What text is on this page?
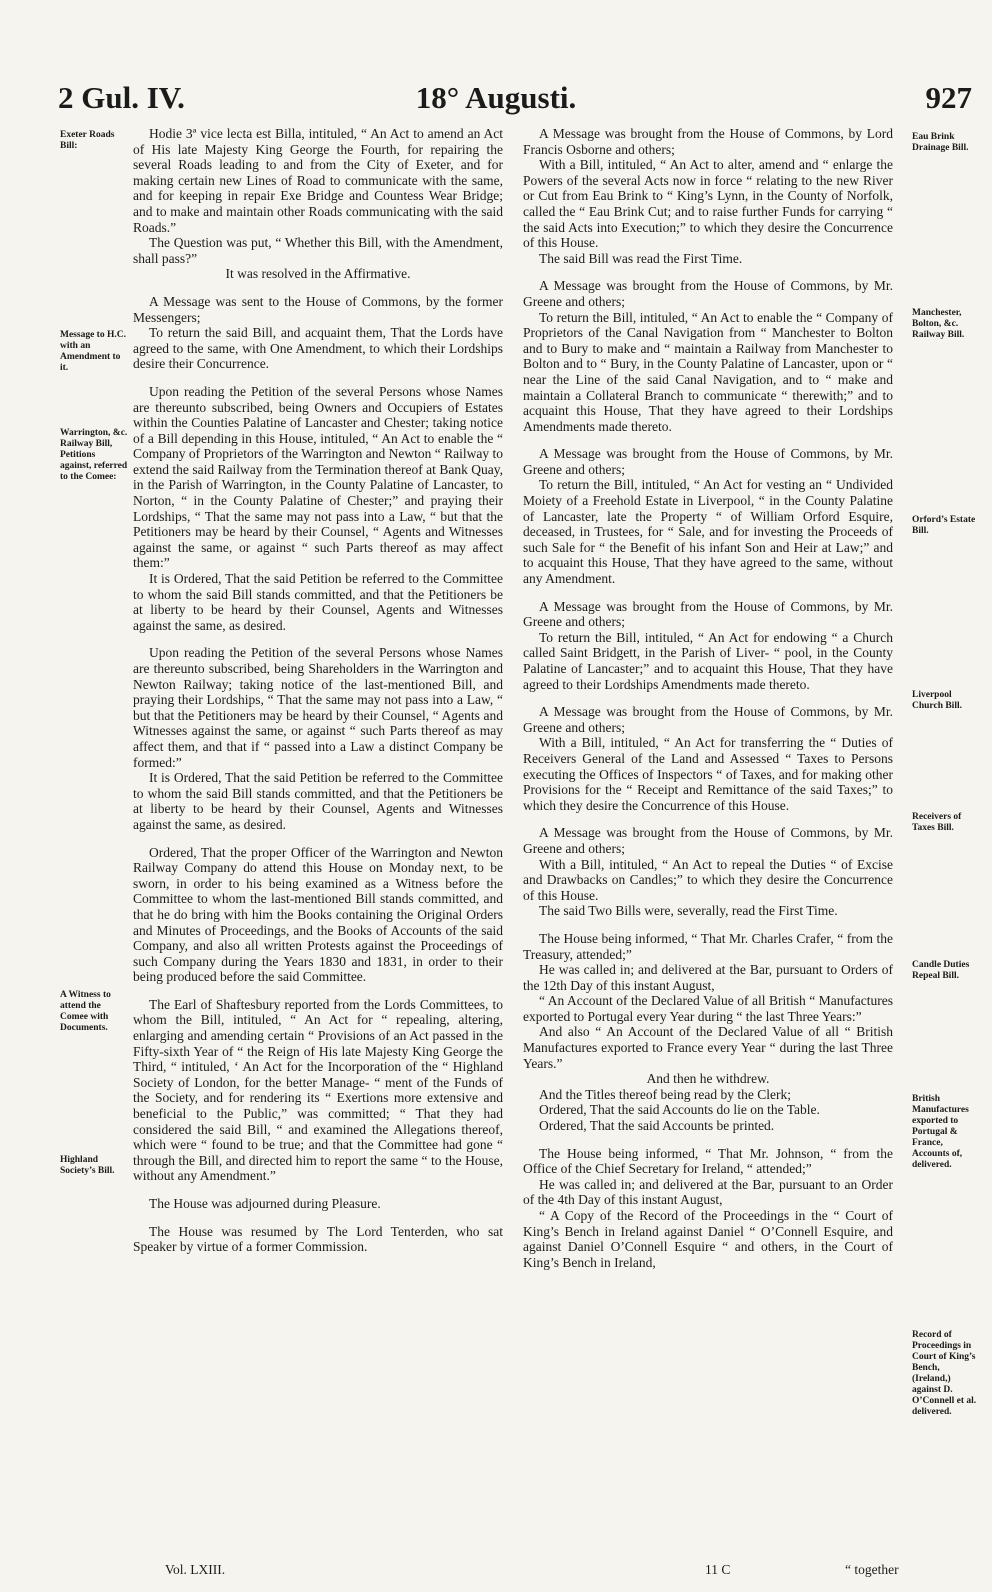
2 Gul. IV.	18° Augusti.	927
Exeter Roads Bill:
Message to H.C. with an Amendment to it.
Warrington, &c. Railway Bill, Petitions against, referred to the Comee:
A Witness to attend the Comee with Documents.
Highland Society’s Bill.
Eau Brink Drainage Bill.
Manchester, Bolton, &c. Railway Bill.
Orford’s Estate Bill.
Liverpool Church Bill.
Receivers of Taxes Bill.
Candle Duties Repeal Bill.
British Manufactures exported to Portugal & France, Accounts of, delivered.
Record of Proceedings in Court of King’s Bench, (Ireland,) against D. O’Connell et al. delivered.

Hodie 3ª vice lecta est Billa, intituled, “ An Act to amend an Act of His late Majesty King George the Fourth, for repairing the several Roads leading to and from the City of Exeter, and for making certain new Lines of Road to communicate with the same, and for keeping in repair Exe Bridge and Countess Wear Bridge; and to make and maintain other Roads communicating with the said Roads.”

The Question was put, “ Whether this Bill, with the Amendment, shall pass?”

It was resolved in the Affirmative.

A Message was sent to the House of Commons, by the former Messengers;

To return the said Bill, and acquaint them, That the Lords have agreed to the same, with One Amendment, to which their Lordships desire their Concurrence.

Upon reading the Petition of the several Persons whose Names are thereunto subscribed, being Owners and Occupiers of Estates within the Counties Palatine of Lancaster and Chester; taking notice of a Bill depending in this House, intituled, “ An Act to enable the “ Company of Proprietors of the Warrington and Newton “ Railway to extend the said Railway from the Termination thereof at Bank Quay, in the Parish of Warrington, in the County Palatine of Lancaster, to Norton, “ in the County Palatine of Chester;” and praying their Lordships, “ That the same may not pass into a Law, “ but that the Petitioners may be heard by their Counsel, “ Agents and Witnesses against the same, or against “ such Parts thereof as may affect them:”

It is Ordered, That the said Petition be referred to the Committee to whom the said Bill stands committed, and that the Petitioners be at liberty to be heard by their Counsel, Agents and Witnesses against the same, as desired.

Upon reading the Petition of the several Persons whose Names are thereunto subscribed, being Shareholders in the Warrington and Newton Railway; taking notice of the last-mentioned Bill, and praying their Lordships, “ That the same may not pass into a Law, “ but that the Petitioners may be heard by their Counsel, “ Agents and Witnesses against the same, or against “ such Parts thereof as may affect them, and that if “ passed into a Law a distinct Company be formed:”

It is Ordered, That the said Petition be referred to the Committee to whom the said Bill stands committed, and that the Petitioners be at liberty to be heard by their Counsel, Agents and Witnesses against the same, as desired.

Ordered, That the proper Officer of the Warrington and Newton Railway Company do attend this House on Monday next, to be sworn, in order to his being examined as a Witness before the Committee to whom the last-mentioned Bill stands committed, and that he do bring with him the Books containing the Original Orders and Minutes of Proceedings, and the Books of Accounts of the said Company, and also all written Protests against the Proceedings of such Company during the Years 1830 and 1831, in order to their being produced before the said Committee.

The Earl of Shaftesbury reported from the Lords Committees, to whom the Bill, intituled, “ An Act for “ repealing, altering, enlarging and amending certain “ Provisions of an Act passed in the Fifty-sixth Year of “ the Reign of His late Majesty King George the Third, “ intituled, ‘ An Act for the Incorporation of the “ Highland Society of London, for the better Manage- “ ment of the Funds of the Society, and for rendering its “ Exertions more extensive and beneficial to the Public,” was committed; “ That they had considered the said Bill, “ and examined the Allegations thereof, which were “ found to be true; and that the Committee had gone “ through the Bill, and directed him to report the same “ to the House, without any Amendment.”

The House was adjourned during Pleasure.

The House was resumed by The Lord Tenterden, who sat Speaker by virtue of a former Commission.

A Message was brought from the House of Commons, by Lord Francis Osborne and others;

With a Bill, intituled, “ An Act to alter, amend and “ enlarge the Powers of the several Acts now in force “ relating to the new River or Cut from Eau Brink to “ King’s Lynn, in the County of Norfolk, called the “ Eau Brink Cut; and to raise further Funds for carrying “ the said Acts into Execution;” to which they desire the Concurrence of this House.

The said Bill was read the First Time.

A Message was brought from the House of Commons, by Mr. Greene and others;

To return the Bill, intituled, “ An Act to enable the “ Company of Proprietors of the Canal Navigation from “ Manchester to Bolton and to Bury to make and “ maintain a Railway from Manchester to Bolton and to “ Bury, in the County Palatine of Lancaster, upon or “ near the Line of the said Canal Navigation, and to “ make and maintain a Collateral Branch to communicate “ therewith;” and to acquaint this House, That they have agreed to their Lordships Amendments made thereto.

A Message was brought from the House of Commons, by Mr. Greene and others;

To return the Bill, intituled, “ An Act for vesting an “ Undivided Moiety of a Freehold Estate in Liverpool, “ in the County Palatine of Lancaster, late the Property “ of William Orford Esquire, deceased, in Trustees, for “ Sale, and for investing the Proceeds of such Sale for “ the Benefit of his infant Son and Heir at Law;” and to acquaint this House, That they have agreed to the same, without any Amendment.

A Message was brought from the House of Commons, by Mr. Greene and others;

To return the Bill, intituled, “ An Act for endowing “ a Church called Saint Bridgett, in the Parish of Liver- “ pool, in the County Palatine of Lancaster;” and to acquaint this House, That they have agreed to their Lordships Amendments made thereto.

A Message was brought from the House of Commons, by Mr. Greene and others;

With a Bill, intituled, “ An Act for transferring the “ Duties of Receivers General of the Land and Assessed “ Taxes to Persons executing the Offices of Inspectors “ of Taxes, and for making other Provisions for the “ Receipt and Remittance of the said Taxes;” to which they desire the Concurrence of this House.

A Message was brought from the House of Commons, by Mr. Greene and others;

With a Bill, intituled, “ An Act to repeal the Duties “ of Excise and Drawbacks on Candles;” to which they desire the Concurrence of this House.

The said Two Bills were, severally, read the First Time.

The House being informed, “ That Mr. Charles Crafer, “ from the Treasury, attended;”

He was called in; and delivered at the Bar, pursuant to Orders of the 12th Day of this instant August,

“ An Account of the Declared Value of all British “ Manufactures exported to Portugal every Year during “ the last Three Years:”

And also “ An Account of the Declared Value of all “ British Manufactures exported to France every Year “ during the last Three Years.”

And then he withdrew.

And the Titles thereof being read by the Clerk;

Ordered, That the said Accounts do lie on the Table.

Ordered, That the said Accounts be printed.

The House being informed, “ That Mr. Johnson, “ from the Office of the Chief Secretary for Ireland, “ attended;”

He was called in; and delivered at the Bar, pursuant to an Order of the 4th Day of this instant August,

“ A Copy of the Record of the Proceedings in the “ Court of King’s Bench in Ireland against Daniel “ O’Connell Esquire, and against Daniel O’Connell Esquire “ and others, in the Court of King’s Bench in Ireland,

Vol. LXIII.	11 C	“ together
